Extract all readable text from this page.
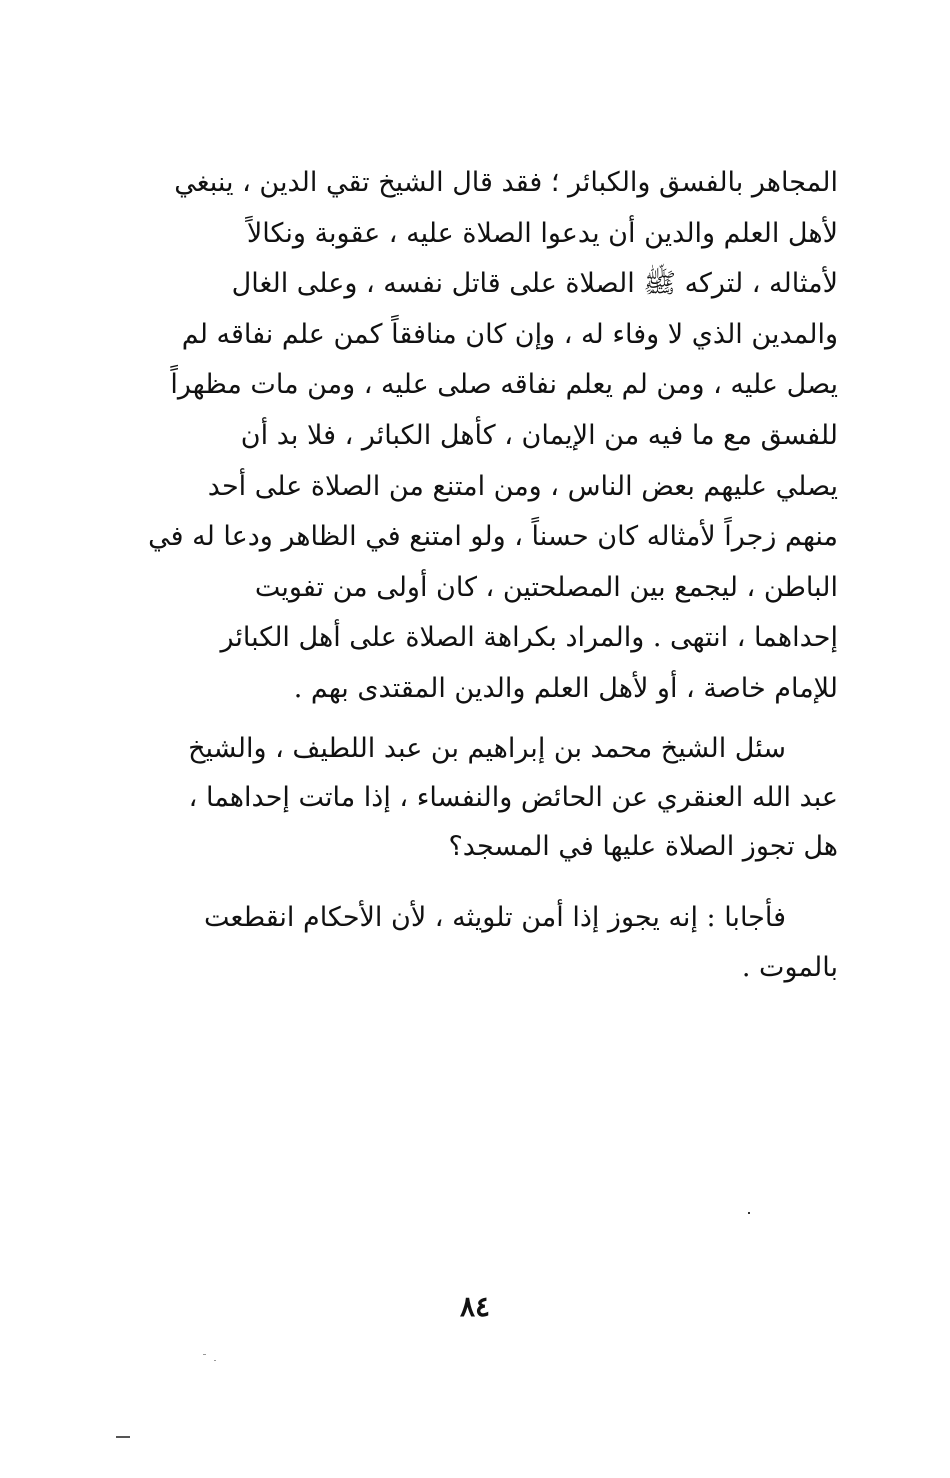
المجاهر بالفسق والكبائر ؛ فقد قال الشيخ تقي الدين ، ينبغي
لأهل العلم والدين أن يدعوا الصلاة عليه ، عقوبة ونكالاً
لأمثاله ، لتركه ﷺ الصلاة على قاتل نفسه ، وعلى الغال
والمدين الذي لا وفاء له ، وإن كان منافقاً كمن علم نفاقه لم
يصل عليه ، ومن لم يعلم نفاقه صلى عليه ، ومن مات مظهراً
للفسق مع ما فيه من الإيمان ، كأهل الكبائر ، فلا بد أن
يصلي عليهم بعض الناس ، ومن امتنع من الصلاة على أحد
منهم زجراً لأمثاله كان حسناً ، ولو امتنع في الظاهر ودعا له في
الباطن ، ليجمع بين المصلحتين ، كان أولى من تفويت
إحداهما ، انتهى . والمراد بكراهة الصلاة على أهل الكبائر
للإمام خاصة ، أو لأهل العلم والدين المقتدى بهم .
سئل الشيخ محمد بن إبراهيم بن عبد اللطيف ، والشيخ
عبد الله العنقري عن الحائض والنفساء ، إذا ماتت إحداهما ،
هل تجوز الصلاة عليها في المسجد؟
فأجابا : إنه يجوز إذا أمن تلويثه ، لأن الأحكام انقطعت
بالموت .
٨٤
